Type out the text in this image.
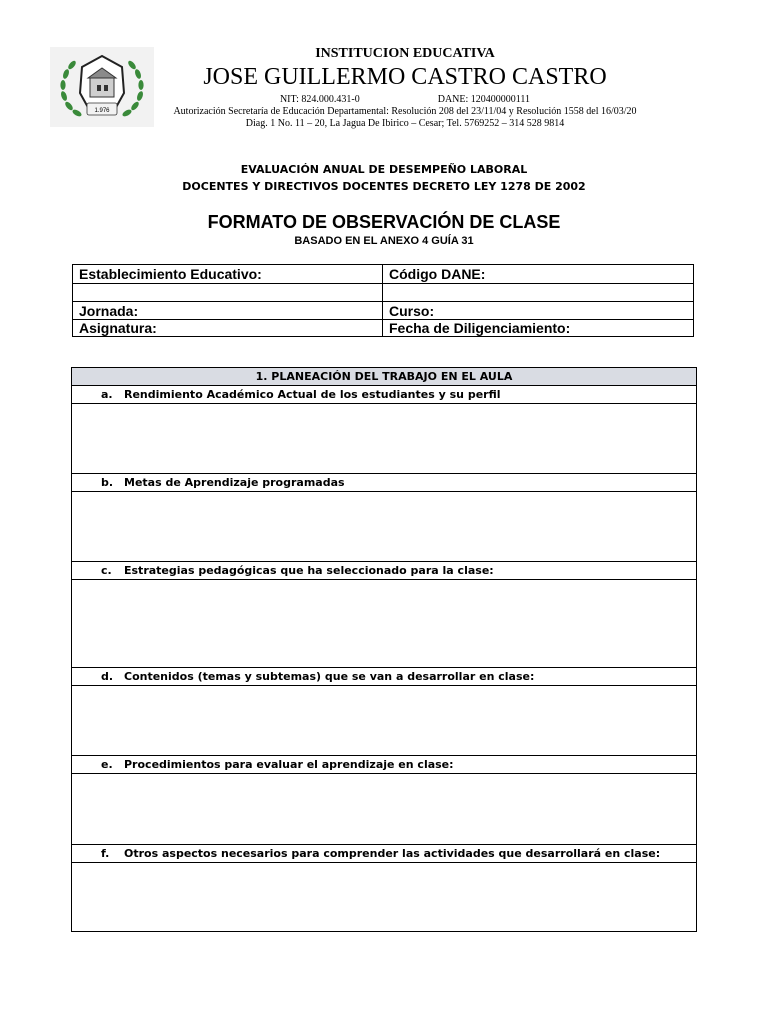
1.976
INSTITUCION EDUCATIVA
JOSE GUILLERMO CASTRO CASTRO
NIT: 824.000.431-0	DANE: 120400000111
Autorización Secretaría de Educación Departamental: Resolución 208 del 23/11/04 y Resolución 1558 del 16/03/20
Diag. 1 No. 11 – 20, La Jagua De Ibirico – Cesar; Tel. 5769252 – 314 528 9814
EVALUACIÓN ANUAL DE DESEMPEÑO LABORAL
DOCENTES Y DIRECTIVOS DOCENTES DECRETO LEY 1278 DE 2002
FORMATO DE OBSERVACIÓN DE CLASE
BASADO EN EL ANEXO 4 GUÍA 31
Establecimiento Educativo:	Código DANE:

Jornada:	Curso:
Asignatura:	Fecha de Diligenciamiento:
1. PLANEACIÓN DEL TRABAJO EN EL AULA
a. Rendimiento Académico Actual de los estudiantes y su perfil
b. Metas de Aprendizaje programadas
c. Estrategias pedagógicas que ha seleccionado para la clase:
d. Contenidos (temas y subtemas) que se van a desarrollar en clase:
e. Procedimientos para evaluar el aprendizaje en clase:
f. Otros aspectos necesarios para comprender las actividades que desarrollará en clase:
